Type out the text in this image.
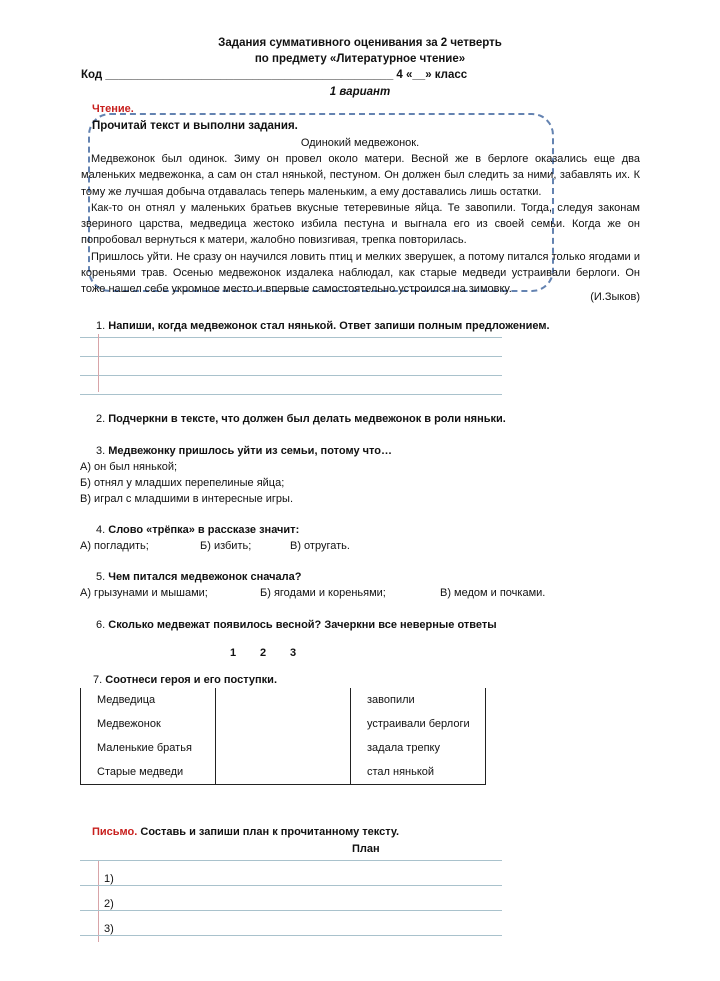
Задания суммативного оценивания за 2 четверть
по предмету «Литературное чтение»
Код _____________________________________________ 4 «__» класс
1 вариант
Чтение.
Прочитай текст и выполни задания.
Одинокий медвежонок.

Медвежонок был одинок. Зиму он провел около матери. Весной же в берлоге оказались еще два маленьких медвежонка, а сам он стал нянькой, пестуном. Он должен был следить за ними, забавлять их. К тому же лучшая добыча отдавалась теперь маленьким, а ему доставались лишь остатки.

Как-то он отнял у маленьких братьев вкусные тетеревиные яйца. Те завопили. Тогда, следуя законам звериного царства, медведица жестоко избила пестуна и выгнала его из своей семьи. Когда же он попробовал вернуться к матери, жалобно повизгивая, трепка повторилась.

Пришлось уйти. Не сразу он научился ловить птиц и мелких зверушек, а потому питался только ягодами и кореньями трав. Осенью медвежонок издалека наблюдал, как старые медведи устраивали берлоги. Он тоже нашел себе укромное место и впервые самостоятельно устроился на зимовку.

(И.Зыков)
1. Напиши, когда медвежонок стал нянькой. Ответ запиши полным предложением.
2. Подчеркни в тексте, что должен был делать медвежонок в роли няньки.
3. Медвежонку пришлось уйти из семьи, потому что…
А) он был нянькой;
Б) отнял у младших перепелиные яйца;
В) играл с младшими в интересные игры.
4. Слово «трёпка» в рассказе значит:
А) погладить;	Б) избить;	В) отругать.
5. Чем питался медвежонок сначала?
А) грызунами и мышами;	Б) ягодами и кореньями;	В) медом и почками.
6. Сколько медвежат появилось весной? Зачеркни все неверные ответы
1 2 3
7. Соотнеси героя и его поступки.
Медведица		завопили
Медвежонок		устраивали берлоги
Маленькие братья		задала трепку
Старые медведи		стал нянькой
Письмо. Составь и запиши план к прочитанному тексту.
План
1)
2)
3)
